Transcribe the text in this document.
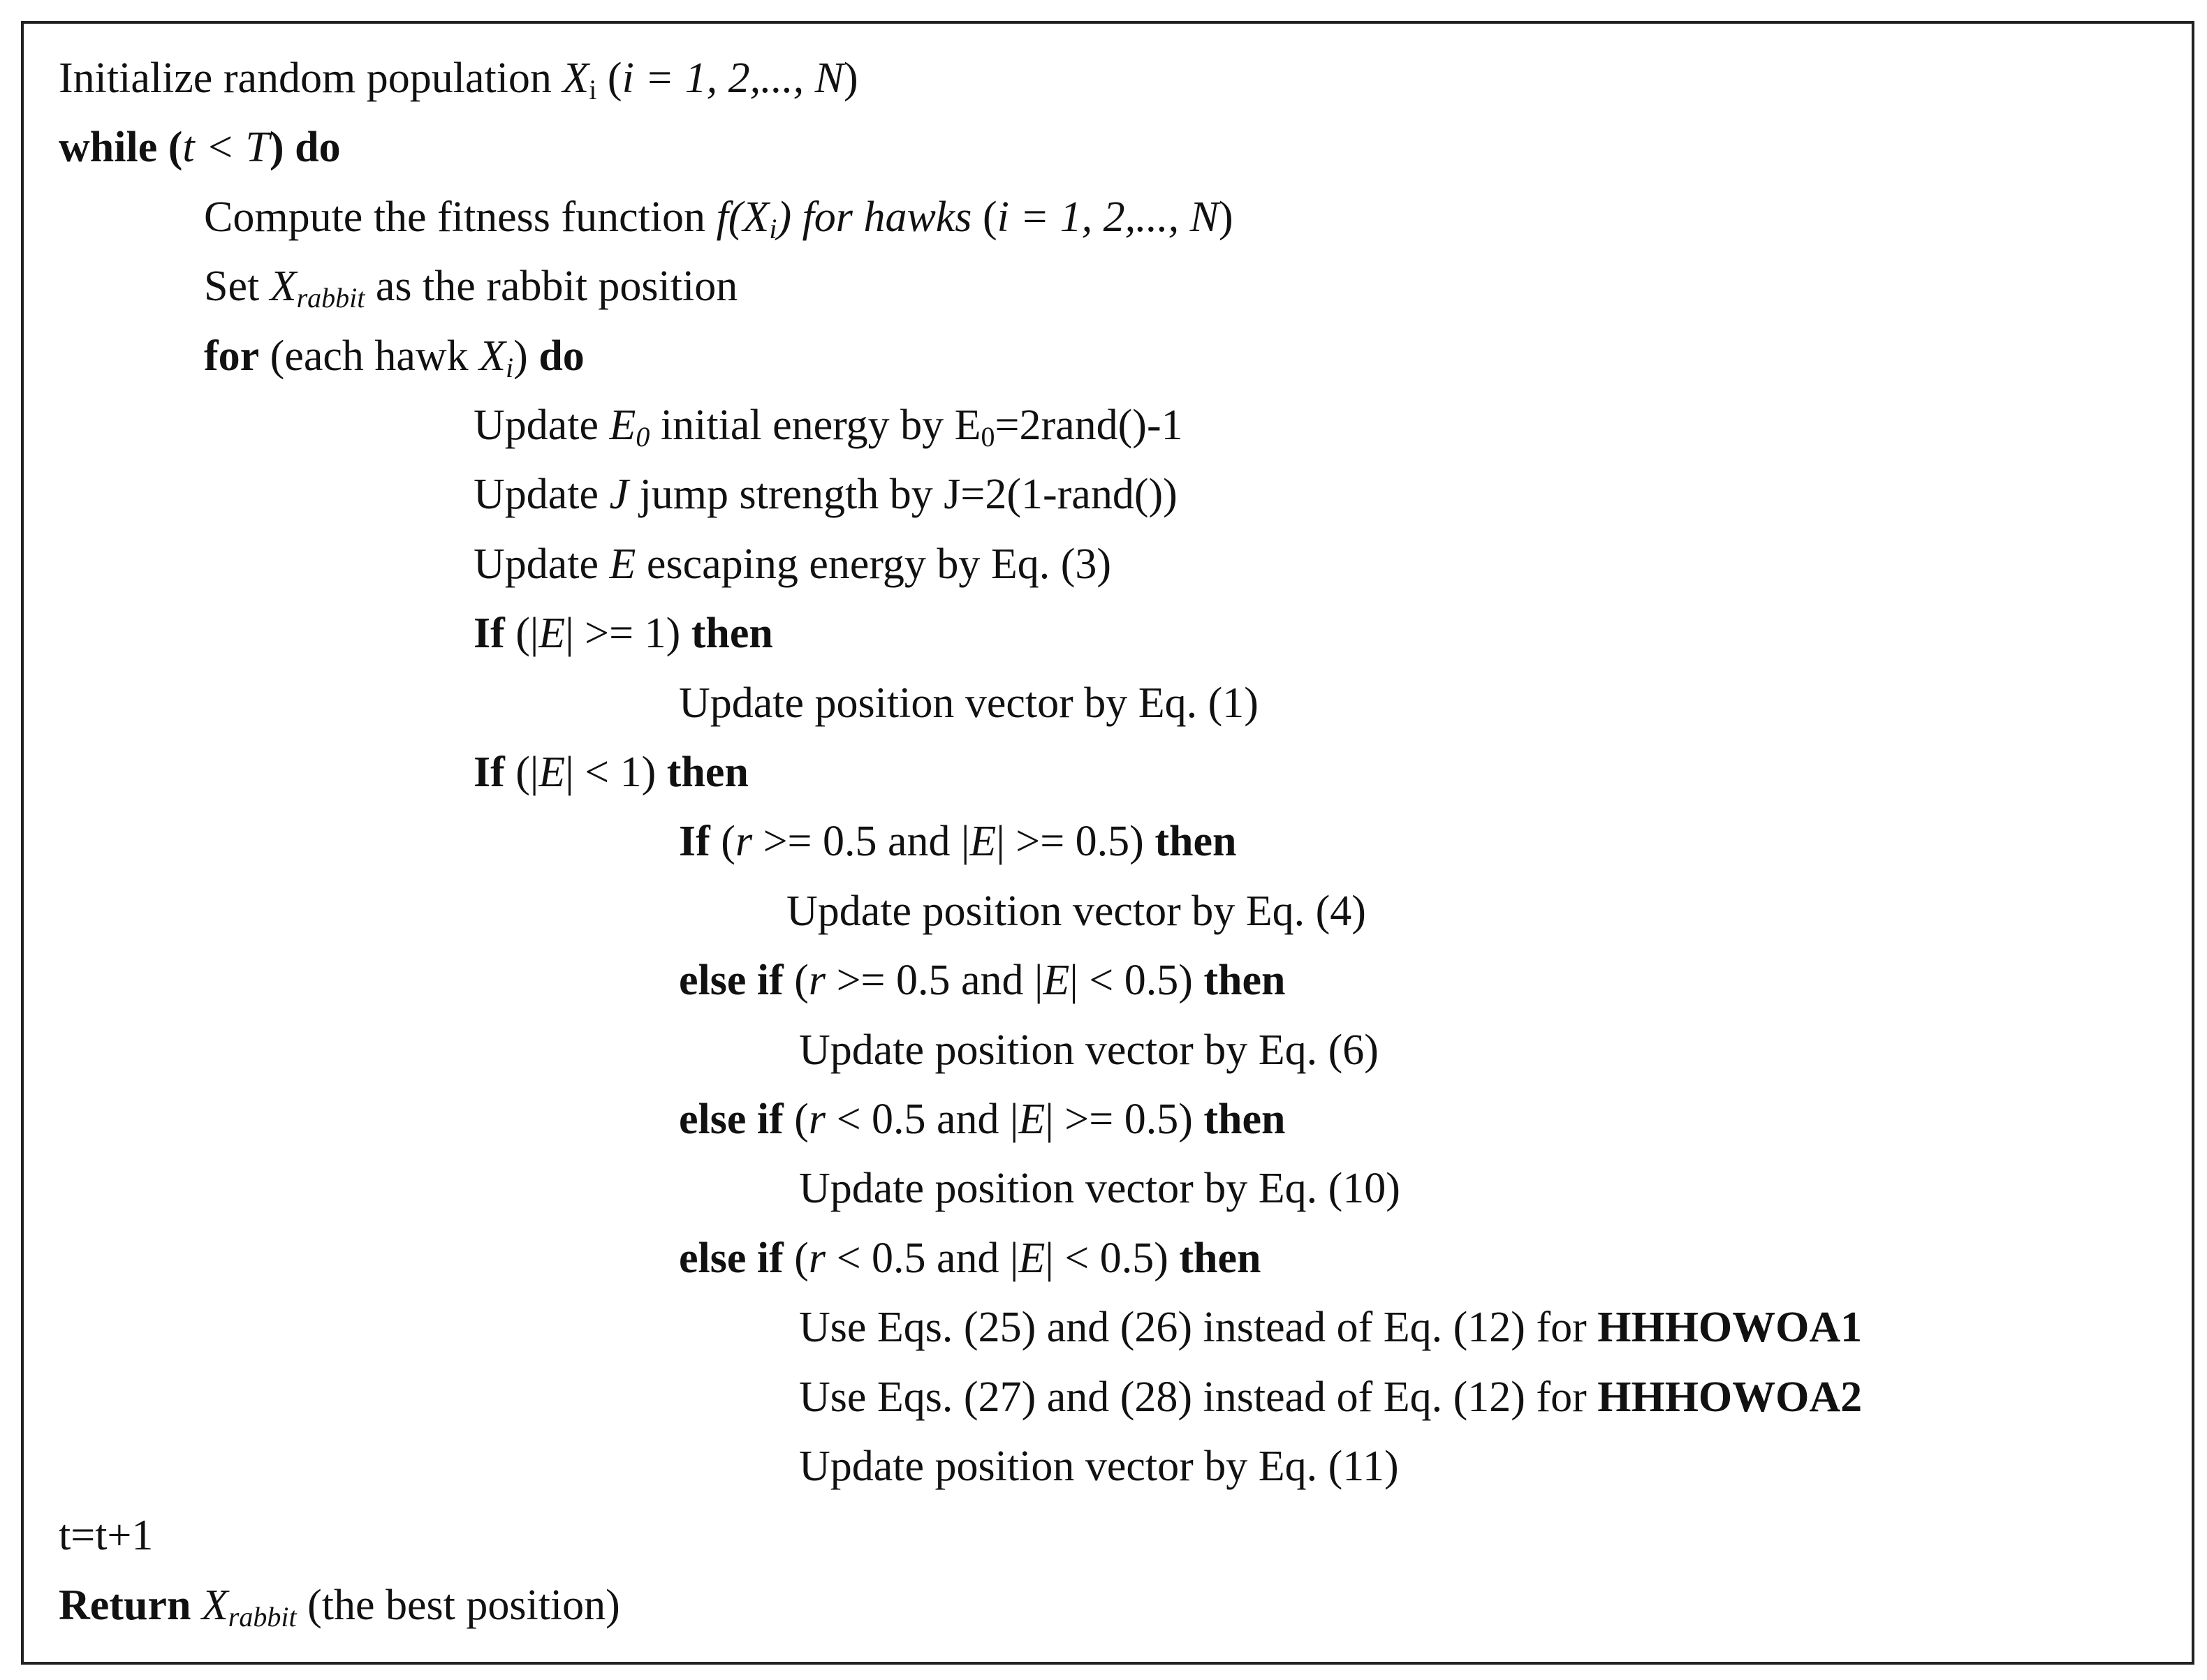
Initialize random population $X_i$ (i = 1, 2,..., N)
while (t < T) do
Compute the fitness function f(Xi) for hawks (i = 1, 2,..., N)
Set Xrabbit as the rabbit position
for (each hawk Xi) do
Update E0 initial energy by $E_0=2rand()-1$
Update J jump strength by J=2(1-rand())
Update E escaping energy by Eq. (3)
If (|E| >= 1) then
Update position vector by Eq. (1)
If (|E| < 1) then
If (r >= 0.5 and |E| >= 0.5) then
Update position vector by Eq. (4)
else if (r >= 0.5 and |E| < 0.5) then
Update position vector by Eq. (6)
else if (r < 0.5 and |E| >= 0.5) then
Update position vector by Eq. (10)
else if (r < 0.5 and |E| < 0.5) then
Use Eqs. (25) and (26) instead of Eq. (12) for HHHOWOA1
Use Eqs. (27) and (28) instead of Eq. (12) for HHHOWOA2
Update position vector by Eq. (11)
t=t+1
Return Xrabbit (the best position)
